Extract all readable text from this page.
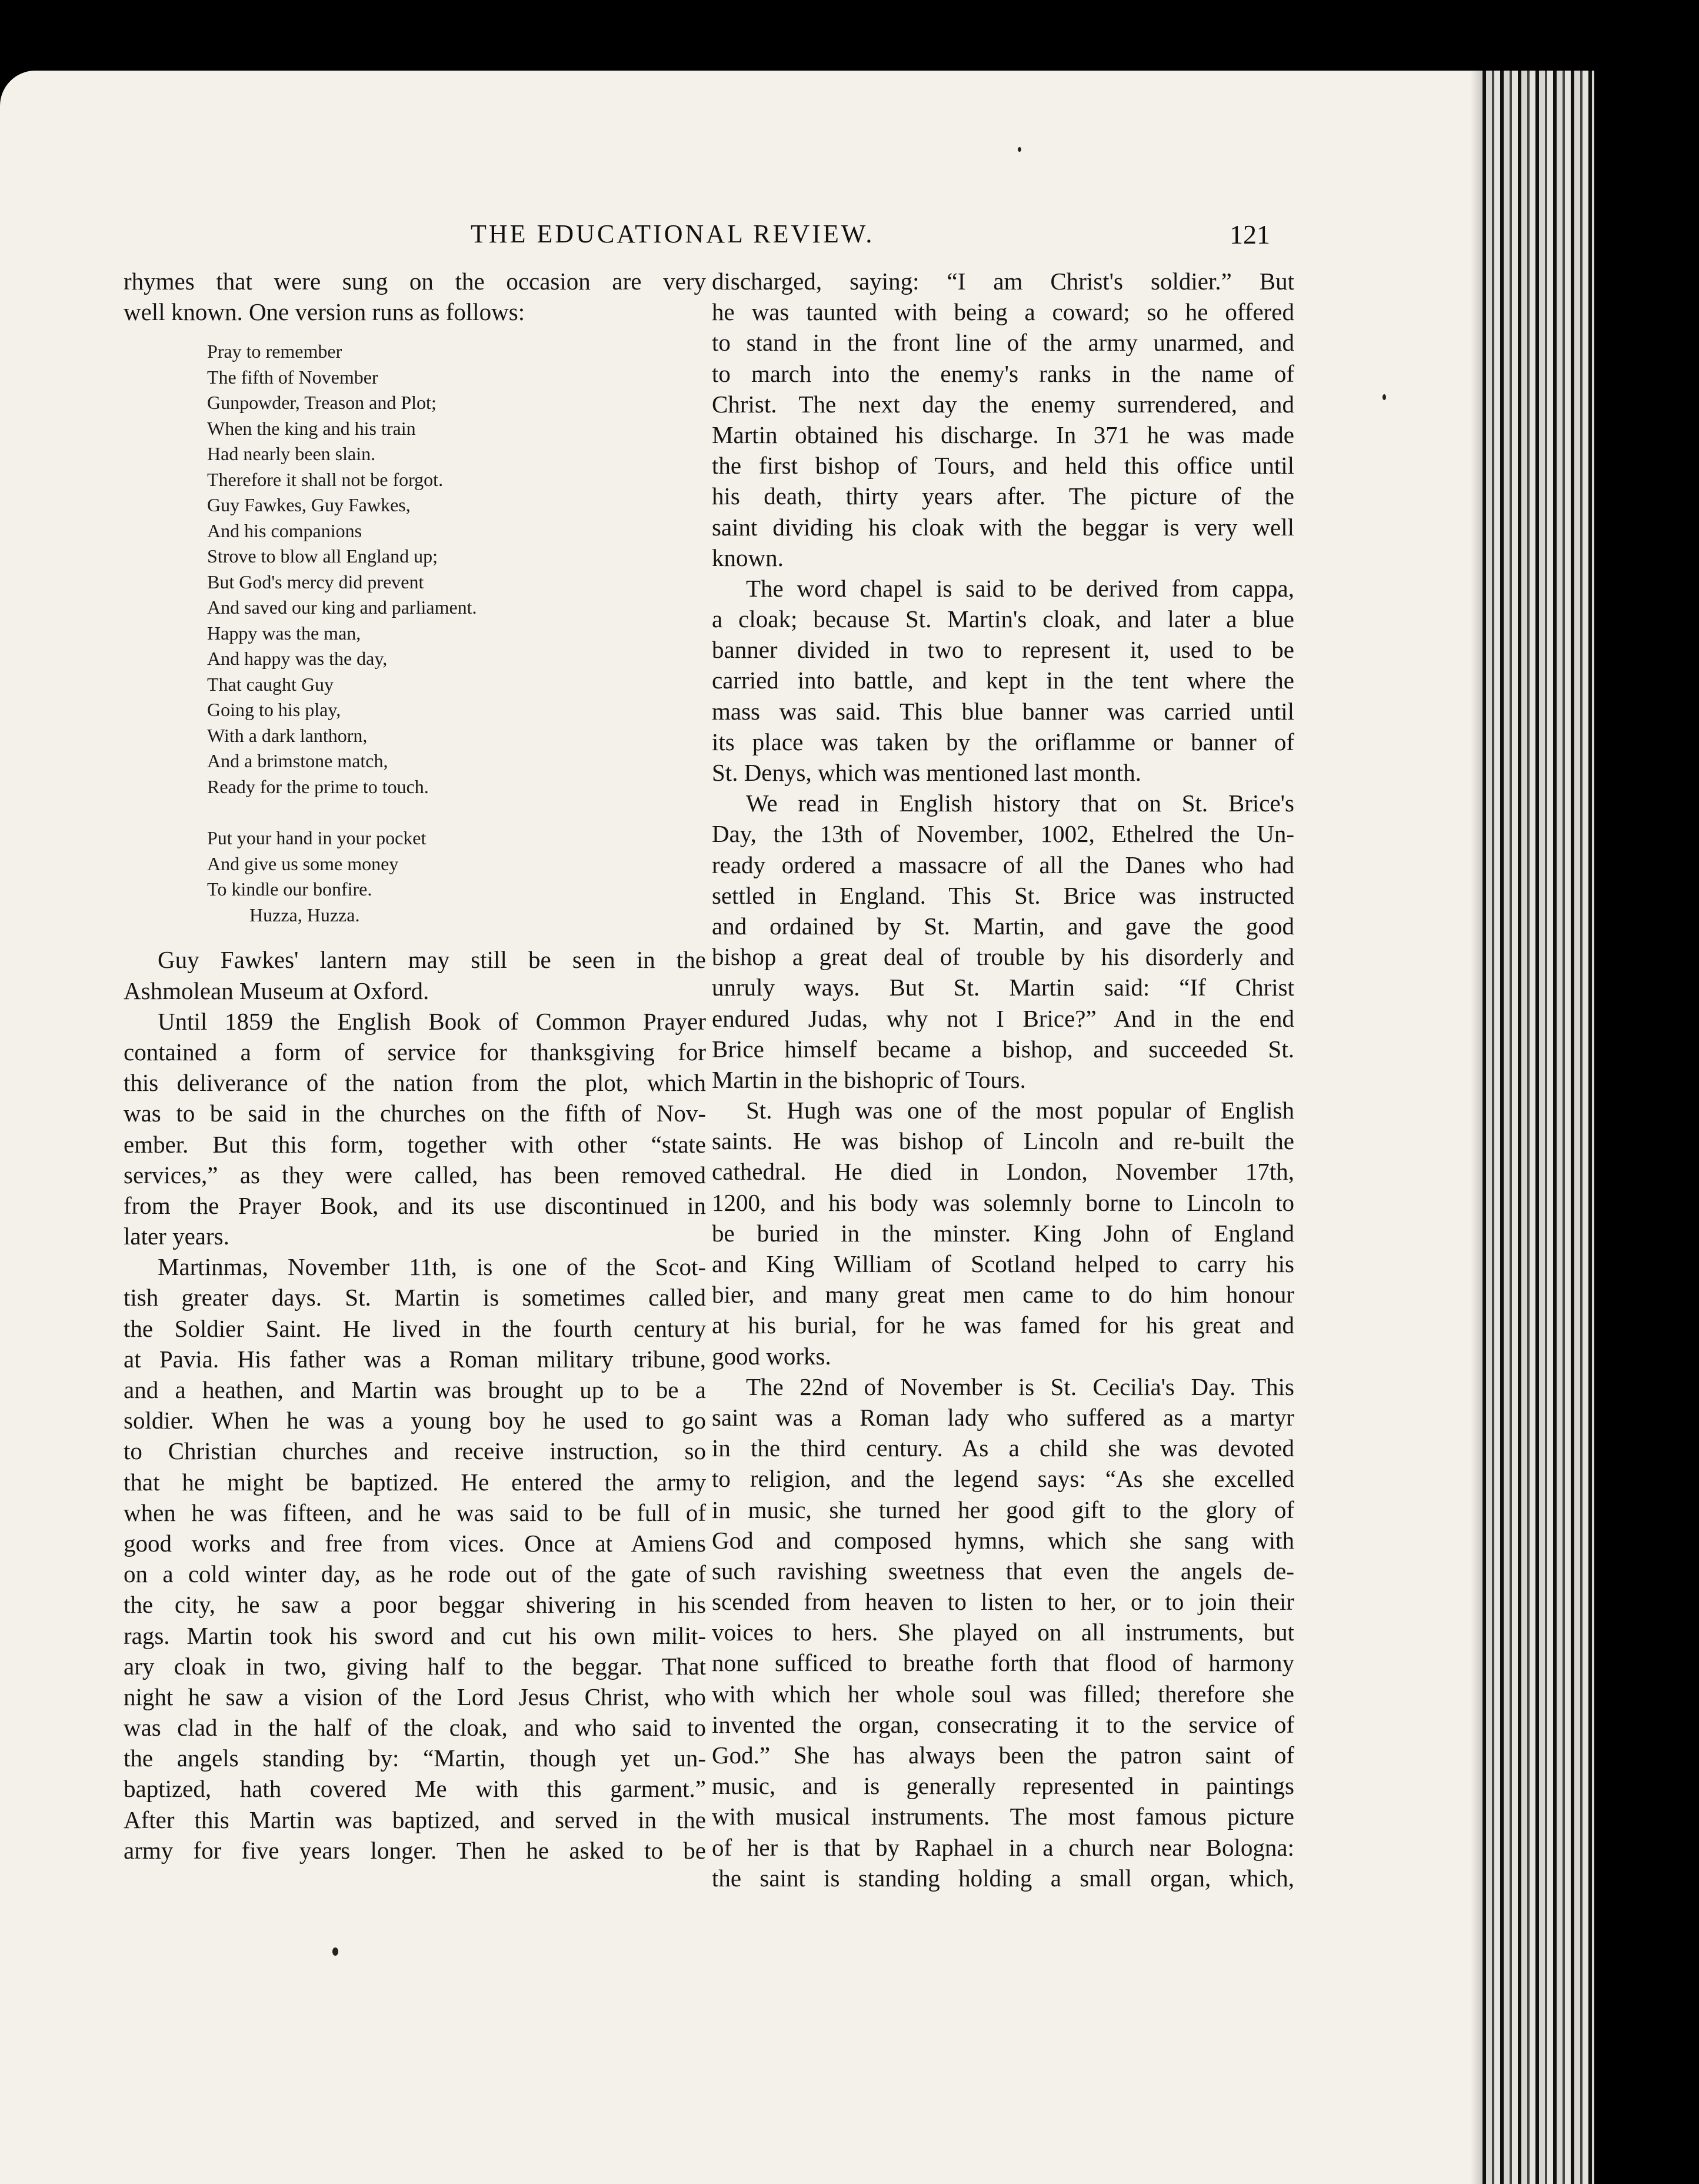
THE EDUCATIONAL REVIEW.	121
rhymes that were sung on the occasion are very
well known. One version runs as follows:
Pray to remember
The fifth of November
Gunpowder, Treason and Plot;
When the king and his train
Had nearly been slain.
Therefore it shall not be forgot.
Guy Fawkes, Guy Fawkes,
And his companions
Strove to blow all England up;
But God's mercy did prevent
And saved our king and parliament.
Happy was the man,
And happy was the day,
That caught Guy
Going to his play,
With a dark lanthorn,
And a brimstone match,
Ready for the prime to touch.
Put your hand in your pocket
And give us some money
To kindle our bonfire.
Huzza, Huzza.
Guy Fawkes' lantern may still be seen in the
Ashmolean Museum at Oxford.
Until 1859 the English Book of Common Prayer
contained a form of service for thanksgiving for
this deliverance of the nation from the plot, which
was to be said in the churches on the fifth of Nov-
ember. But this form, together with other “state
services,” as they were called, has been removed
from the Prayer Book, and its use discontinued in
later years.
Martinmas, November 11th, is one of the Scot-
tish greater days. St. Martin is sometimes called
the Soldier Saint. He lived in the fourth century
at Pavia. His father was a Roman military tribune,
and a heathen, and Martin was brought up to be a
soldier. When he was a young boy he used to go
to Christian churches and receive instruction, so
that he might be baptized. He entered the army
when he was fifteen, and he was said to be full of
good works and free from vices. Once at Amiens
on a cold winter day, as he rode out of the gate of
the city, he saw a poor beggar shivering in his
rags. Martin took his sword and cut his own milit-
ary cloak in two, giving half to the beggar. That
night he saw a vision of the Lord Jesus Christ, who
was clad in the half of the cloak, and who said to
the angels standing by: “Martin, though yet un-
baptized, hath covered Me with this garment.”
After this Martin was baptized, and served in the
army for five years longer. Then he asked to be
discharged, saying: “I am Christ's soldier.” But
he was taunted with being a coward; so he offered
to stand in the front line of the army unarmed, and
to march into the enemy's ranks in the name of
Christ. The next day the enemy surrendered, and
Martin obtained his discharge. In 371 he was made
the first bishop of Tours, and held this office until
his death, thirty years after. The picture of the
saint dividing his cloak with the beggar is very well
known.
The word chapel is said to be derived from cappa,
a cloak; because St. Martin's cloak, and later a blue
banner divided in two to represent it, used to be
carried into battle, and kept in the tent where the
mass was said. This blue banner was carried until
its place was taken by the oriflamme or banner of
St. Denys, which was mentioned last month.
We read in English history that on St. Brice's
Day, the 13th of November, 1002, Ethelred the Un-
ready ordered a massacre of all the Danes who had
settled in England. This St. Brice was instructed
and ordained by St. Martin, and gave the good
bishop a great deal of trouble by his disorderly and
unruly ways. But St. Martin said: “If Christ
endured Judas, why not I Brice?” And in the end
Brice himself became a bishop, and succeeded St.
Martin in the bishopric of Tours.
St. Hugh was one of the most popular of English
saints. He was bishop of Lincoln and re-built the
cathedral. He died in London, November 17th,
1200, and his body was solemnly borne to Lincoln to
be buried in the minster. King John of England
and King William of Scotland helped to carry his
bier, and many great men came to do him honour
at his burial, for he was famed for his great and
good works.
The 22nd of November is St. Cecilia's Day. This
saint was a Roman lady who suffered as a martyr
in the third century. As a child she was devoted
to religion, and the legend says: “As she excelled
in music, she turned her good gift to the glory of
God and composed hymns, which she sang with
such ravishing sweetness that even the angels de-
scended from heaven to listen to her, or to join their
voices to hers. She played on all instruments, but
none sufficed to breathe forth that flood of harmony
with which her whole soul was filled; therefore she
invented the organ, consecrating it to the service of
God.” She has always been the patron saint of
music, and is generally represented in paintings
with musical instruments. The most famous picture
of her is that by Raphael in a church near Bologna:
the saint is standing holding a small organ, which,
